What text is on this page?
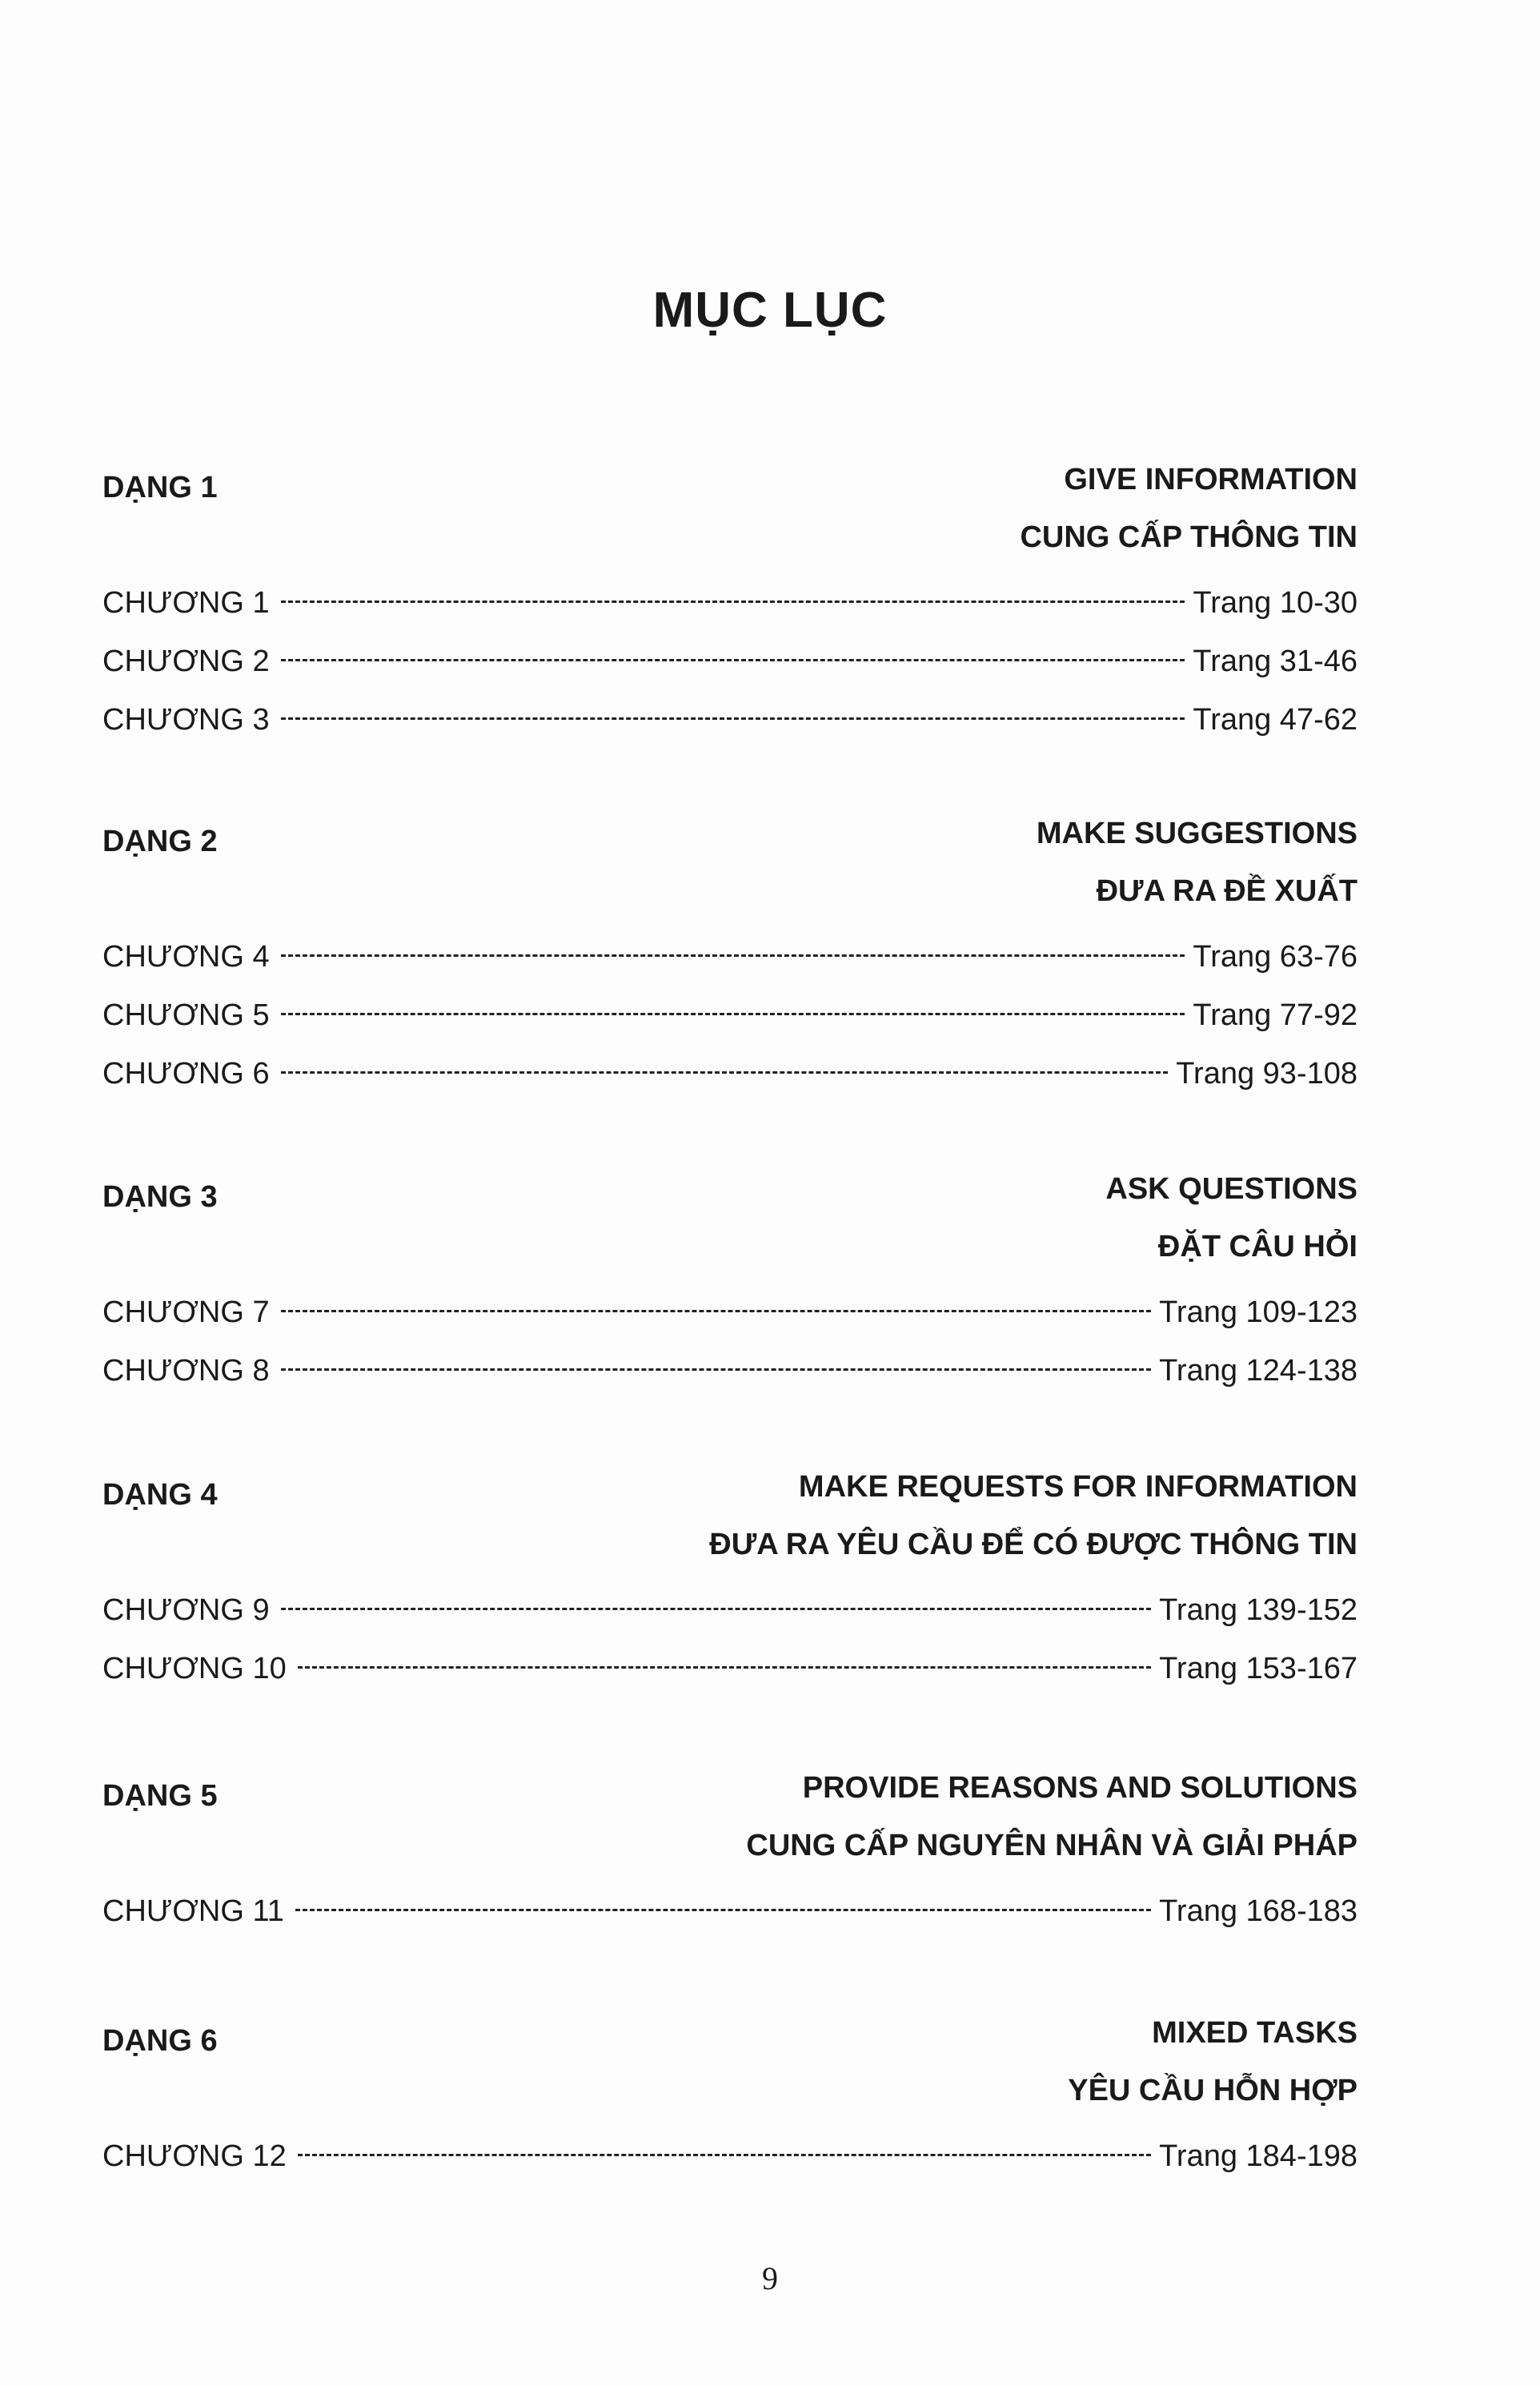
MỤC LỤC
DẠNG 1	GIVE INFORMATION
CUNG CẤP THÔNG TIN
CHƯƠNG 1	Trang 10-30
CHƯƠNG 2	Trang 31-46
CHƯƠNG 3	Trang 47-62
DẠNG 2	MAKE SUGGESTIONS
ĐƯA RA ĐỀ XUẤT
CHƯƠNG 4	Trang 63-76
CHƯƠNG 5	Trang 77-92
CHƯƠNG 6	Trang 93-108
DẠNG 3	ASK QUESTIONS
ĐẶT CÂU HỎI
CHƯƠNG 7	Trang 109-123
CHƯƠNG 8	Trang 124-138
DẠNG 4	MAKE REQUESTS FOR INFORMATION
ĐƯA RA YÊU CẦU ĐỂ CÓ ĐƯỢC THÔNG TIN
CHƯƠNG 9	Trang 139-152
CHƯƠNG 10	Trang 153-167
DẠNG 5	PROVIDE REASONS AND SOLUTIONS
CUNG CẤP NGUYÊN NHÂN VÀ GIẢI PHÁP
CHƯƠNG 11	Trang 168-183
DẠNG 6	MIXED TASKS
YÊU CẦU HỖN HỢP
CHƯƠNG 12	Trang 184-198
9
